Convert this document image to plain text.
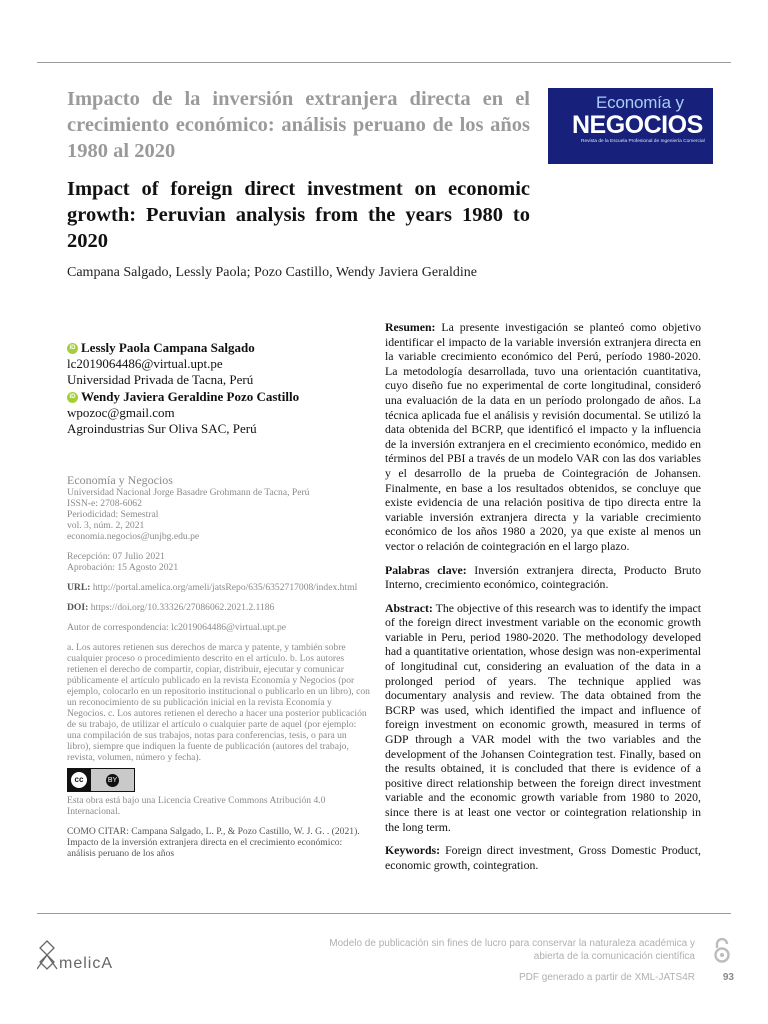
Impacto de la inversión extranjera directa en el crecimiento económico: análisis peruano de los años 1980 al 2020
Impact of foreign direct investment on economic growth: Peruvian analysis from the years 1980 to 2020
Campana Salgado, Lessly Paola; Pozo Castillo, Wendy Javiera Geraldine
Economía y
NEGOCIOS
Revista de la Escuela Profesional de Ingeniería Comercial
iD Lessly Paola Campana Salgado
lc2019064486@virtual.upt.pe
Universidad Privada de Tacna, Perú
iD Wendy Javiera Geraldine Pozo Castillo
wpozoc@gmail.com
Agroindustrias Sur Oliva SAC, Perú

Economía y Negocios

Universidad Nacional Jorge Basadre Grohmann de Tacna, Perú

ISSN-e: 2708-6062

Periodicidad: Semestral

vol. 3, núm. 2, 2021

economia.negocios@unjbg.edu.pe

Recepción: 07 Julio 2021

Aprobación: 15 Agosto 2021

URL: http://portal.amelica.org/ameli/jatsRepo/635/6352717008/index.html

DOI: https://doi.org/10.33326/27086062.2021.2.1186

Autor de correspondencia: lc2019064486@virtual.upt.pe

a. Los autores retienen sus derechos de marca y patente, y también sobre cualquier proceso o procedimiento descrito en el artículo. b. Los autores retienen el derecho de compartir, copiar, distribuir, ejecutar y comunicar públicamente el artículo publicado en la revista Economía y Negocios (por ejemplo, colocarlo en un repositorio institucional o publicarlo en un libro), con un reconocimiento de su publicación inicial en la revista Economía y Negocios. c. Los autores retienen el derecho a hacer una posterior publicación de su trabajo, de utilizar el artículo o cualquier parte de aquel (por ejemplo: una compilación de sus trabajos, notas para conferencias, tesis, o para un libro), siempre que indiquen la fuente de publicación (autores del trabajo, revista, volumen, número y fecha).

cc	BY

Esta obra está bajo una Licencia Creative Commons Atribución 4.0 Internacional.

COMO CITAR: Campana Salgado, L. P., & Pozo Castillo, W. J. G. . (2021). Impacto de la inversión extranjera directa en el crecimiento económico: análisis peruano de los años

Resumen: La presente investigación se planteó como objetivo identificar el impacto de la variable inversión extranjera directa en la variable crecimiento económico del Perú, período 1980-2020. La metodología desarrollada, tuvo una orientación cuantitativa, cuyo diseño fue no experimental de corte longitudinal, consideró una evaluación de la data en un período prolongado de años. La técnica aplicada fue el análisis y revisión documental. Se utilizó la data obtenida del BCRP, que identificó el impacto y la influencia de la inversión extranjera en el crecimiento económico, medido en términos del PBI a través de un modelo VAR con las dos variables y el desarrollo de la prueba de Cointegración de Johansen. Finalmente, en base a los resultados obtenidos, se concluye que existe evidencia de una relación positiva de tipo directa entre la variable inversión extranjera directa y la variable crecimiento económico de los años 1980 a 2020, ya que existe al menos un vector o relación de cointegración en el largo plazo.

Palabras clave: Inversión extranjera directa, Producto Bruto Interno, crecimiento económico, cointegración.

Abstract: The objective of this research was to identify the impact of the foreign direct investment variable on the economic growth variable in Peru, period 1980-2020. The methodology developed had a quantitative orientation, whose design was non-experimental of longitudinal cut, considering an evaluation of the data in a prolonged period of years. The technique applied was documentary analysis and review. The data obtained from the BCRP was used, which identified the impact and influence of foreign investment on economic growth, measured in terms of GDP through a VAR model with the two variables and the development of the Johansen Cointegration test. Finally, based on the results obtained, it is concluded that there is evidence of a positive direct relationship between the foreign direct investment variable and the economic growth variable from 1980 to 2020, since there is at least one vector or cointegration relationship in the long term.

Keywords: Foreign direct investment, Gross Domestic Product, economic growth, cointegration.

melicA
Modelo de publicación sin fines de lucro para conservar la naturaleza académica y
abierta de la comunicación científica
PDF generado a partir de XML-JATS4R	93
